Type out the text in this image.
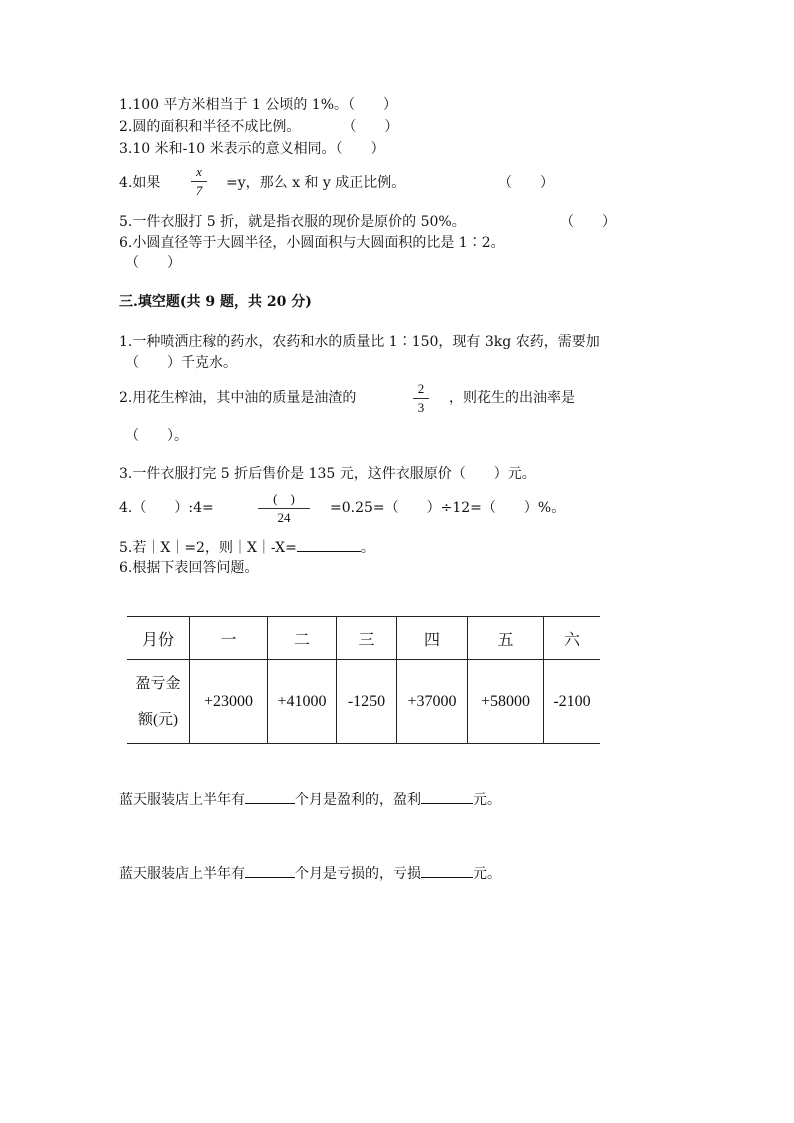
1.100 平方米相当于 1 公顷的 1%。（　　）
2.圆的面积和半径不成比例。　　　　（　　）
3.10 米和-10 米表示的意义相同。（　　）
4.如果
x
7	=y，那么 x 和 y 成正比例。	（　　）
5.一件衣服打 5 折，就是指衣服的现价是原价的 50%。	（　　）
6.小圆直径等于大圆半径，小圆面积与大圆面积的比是 1∶2。
（　　）
三.填空题(共 9 题，共 20 分)
1.一种喷洒庄稼的药水，农药和水的质量比 1∶150，现有 3kg 农药，需要加
（　　）千克水。
2.用花生榨油，其中油的质量是油渣的
2
3
，则花生的出油率是
（　　）。
3.一件衣服打完 5 折后售价是 135 元，这件衣服原价（　　）元。
4.（　　）:4=
(　)
24
=0.25=（　　）÷12=（　　）%。
5.若｜X｜=2，则｜X｜-X=	。
6.根据下表回答问题。
月份	一	二	三	四	五	六

盈亏金
额(元)	+23000	+41000	-1250	+37000	+58000	-2100
蓝天服装店上半年有	个月是盈利的，盈利	元。
蓝天服装店上半年有	个月是亏损的，亏损	元。
